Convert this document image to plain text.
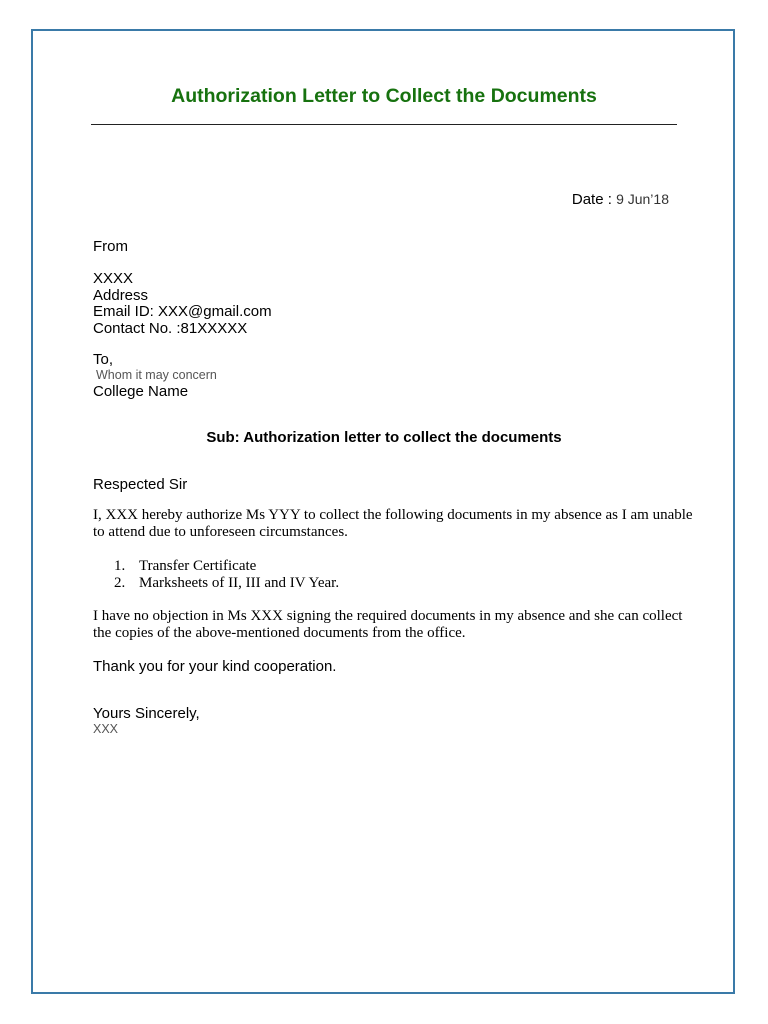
Authorization Letter to Collect the Documents
Date : 9 Jun’18

From

XXXX

Address

Email ID: XXX@gmail.com

Contact No. :81XXXXX

To,

Whom it may concern

College Name

Sub: Authorization letter to collect the documents

Respected Sir

I, XXX hereby authorize Ms YYY to collect the following documents in my absence as I am unable to attend due to unforeseen circumstances.

1. Transfer Certificate
2. Marksheets of II, III and IV Year.

I have no objection in Ms XXX signing the required documents in my absence and she can collect the copies of the above-mentioned documents from the office.

Thank you for your kind cooperation.

Yours Sincerely,

XXX
